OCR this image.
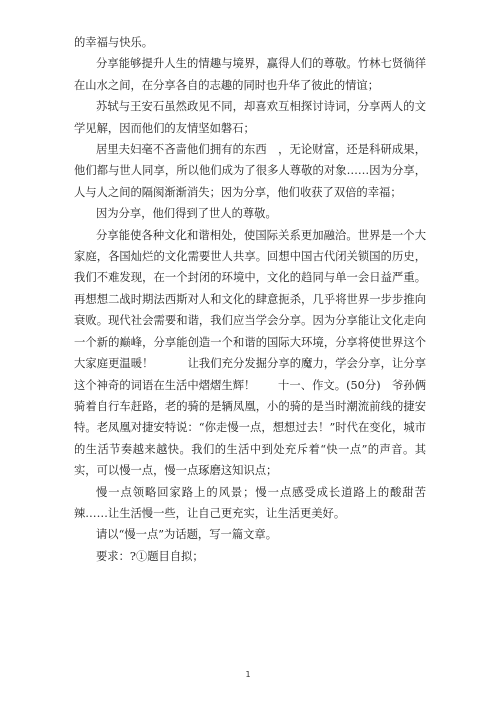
的幸福与快乐。

分享能够提升人生的情趣与境界，赢得人们的尊敬。竹林七贤徜徉在山水之间，在分享各自的志趣的同时也升华了彼此的情谊；

苏轼与王安石虽然政见不同，却喜欢互相探讨诗词，分享两人的文学见解，因而他们的友情坚如磐石；

居里夫妇毫不吝啬他们拥有的东西　，无论财富，还是科研成果，他们都与世人同享，所以他们成为了很多人尊敬的对象……因为分享，人与人之间的隔阂渐渐消失；因为分享，他们收获了双倍的幸福；

因为分享，他们得到了世人的尊敬。

分享能使各种文化和谐相处，使国际关系更加融洽。世界是一个大家庭，各国灿烂的文化需要世人共享。回想中国古代闭关锁国的历史，我们不难发现，在一个封闭的环境中，文化的趋同与单一会日益严重。再想想二战时期法西斯对人和文化的肆意扼杀，几乎将世界一步步推向衰败。现代社会需要和谐，我们应当学会分享。因为分享能让文化走向一个新的巅峰，分享能创造一个和谐的国际大环境，分享将使世界这个大家庭更温暖！　　　让我们充分发掘分享的魔力，学会分享，让分享这个神奇的词语在生活中熠熠生辉！　　十一、作文。(50分)　爷孙俩骑着自行车赶路，老的骑的是辆凤凰，小的骑的是当时潮流前线的捷安特。老凤凰对捷安特说：“你走慢一点，想想过去！”时代在变化，城市的生活节奏越来越快。我们的生活中到处充斥着“快一点”的声音。其实，可以慢一点，慢一点琢磨这知识点；

慢一点领略回家路上的风景；慢一点感受成长道路上的酸甜苦辣……让生活慢一些，让自己更充实，让生活更美好。

请以“慢一点”为话题，写一篇文章。

要求：?①题目自拟；

1
